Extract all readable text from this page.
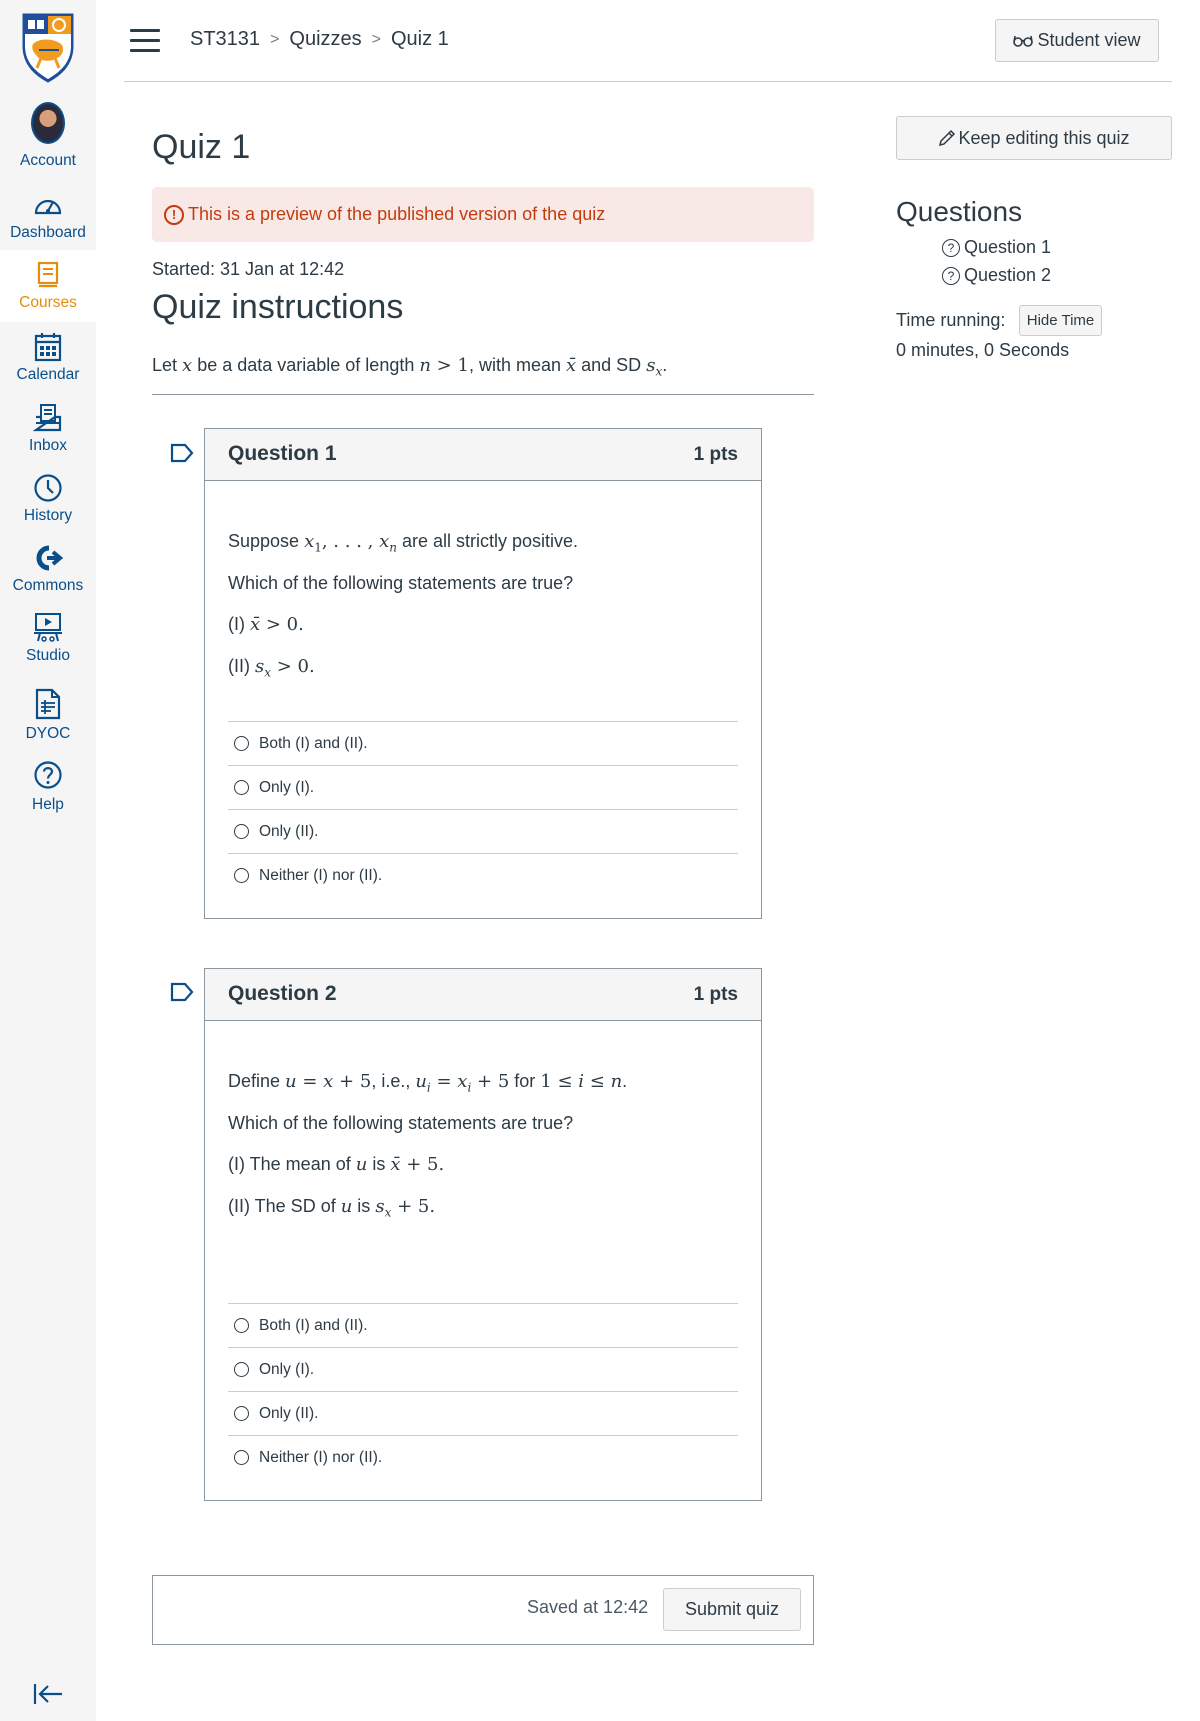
Account
Dashboard
Courses
Calendar
Inbox
History
Commons
Studio
DYOC
Help
ST3131 > Quizzes > Quiz 1	Student view
Quiz 1
! This is a preview of the published version of the quiz
Started: 31 Jan at 12:42
Quiz instructions
Let x be a data variable of length n > 1, with mean x̄ and SD $s_x$.
Question 1	1 pts
Suppose $x_1$, . . . , $x_n$ are all strictly positive.
Which of the following statements are true?
(I) x̄ > 0.
(II) $s_x > 0$.
Both (I) and (II).
Only (I).
Only (II).
Neither (I) nor (II).
Question 2	1 pts
Define u = x + 5, i.e., $u_i = x_i + 5$ for 1 ≤ i ≤ n.
Which of the following statements are true?
(I) The mean of u is x̄ + 5.
(II) The SD of u is $s_x + 5$.
Both (I) and (II).
Only (I).
Only (II).
Neither (I) nor (II).
Saved at 12:42	Submit quiz
Keep editing this quiz
Questions
? Question 1
? Question 2
Time running:	Hide Time
0 minutes, 0 Seconds
